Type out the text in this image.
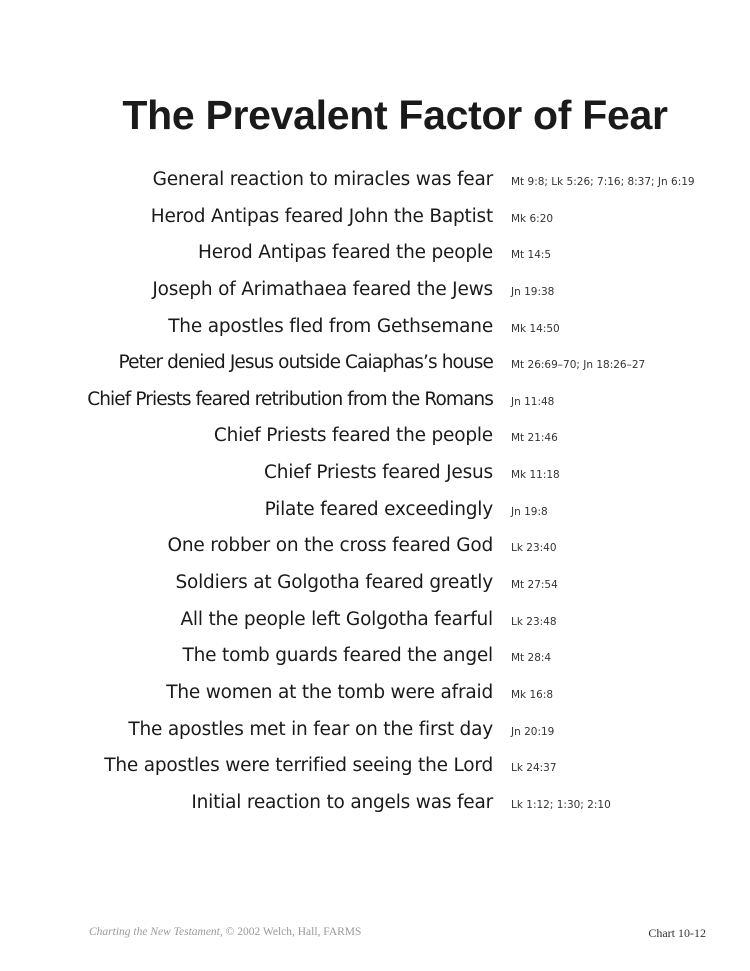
The Prevalent Factor of Fear
General reaction to miracles was fear Mt 9:8; Lk 5:26; 7:16; 8:37; Jn 6:19
Herod Antipas feared John the Baptist Mk 6:20
Herod Antipas feared the people Mt 14:5
Joseph of Arimathaea feared the Jews Jn 19:38
The apostles fled from Gethsemane Mk 14:50
Peter denied Jesus outside Caiaphas’s house Mt 26:69–70; Jn 18:26–27
Chief Priests feared retribution from the Romans Jn 11:48
Chief Priests feared the people Mt 21:46
Chief Priests feared Jesus Mk 11:18
Pilate feared exceedingly Jn 19:8
One robber on the cross feared God Lk 23:40
Soldiers at Golgotha feared greatly Mt 27:54
All the people left Golgotha fearful Lk 23:48
The tomb guards feared the angel Mt 28:4
The women at the tomb were afraid Mk 16:8
The apostles met in fear on the first day Jn 20:19
The apostles were terrified seeing the Lord Lk 24:37
Initial reaction to angels was fear Lk 1:12; 1:30; 2:10
Charting the New Testament, © 2002 Welch, Hall, FARMS	Chart 10-12
